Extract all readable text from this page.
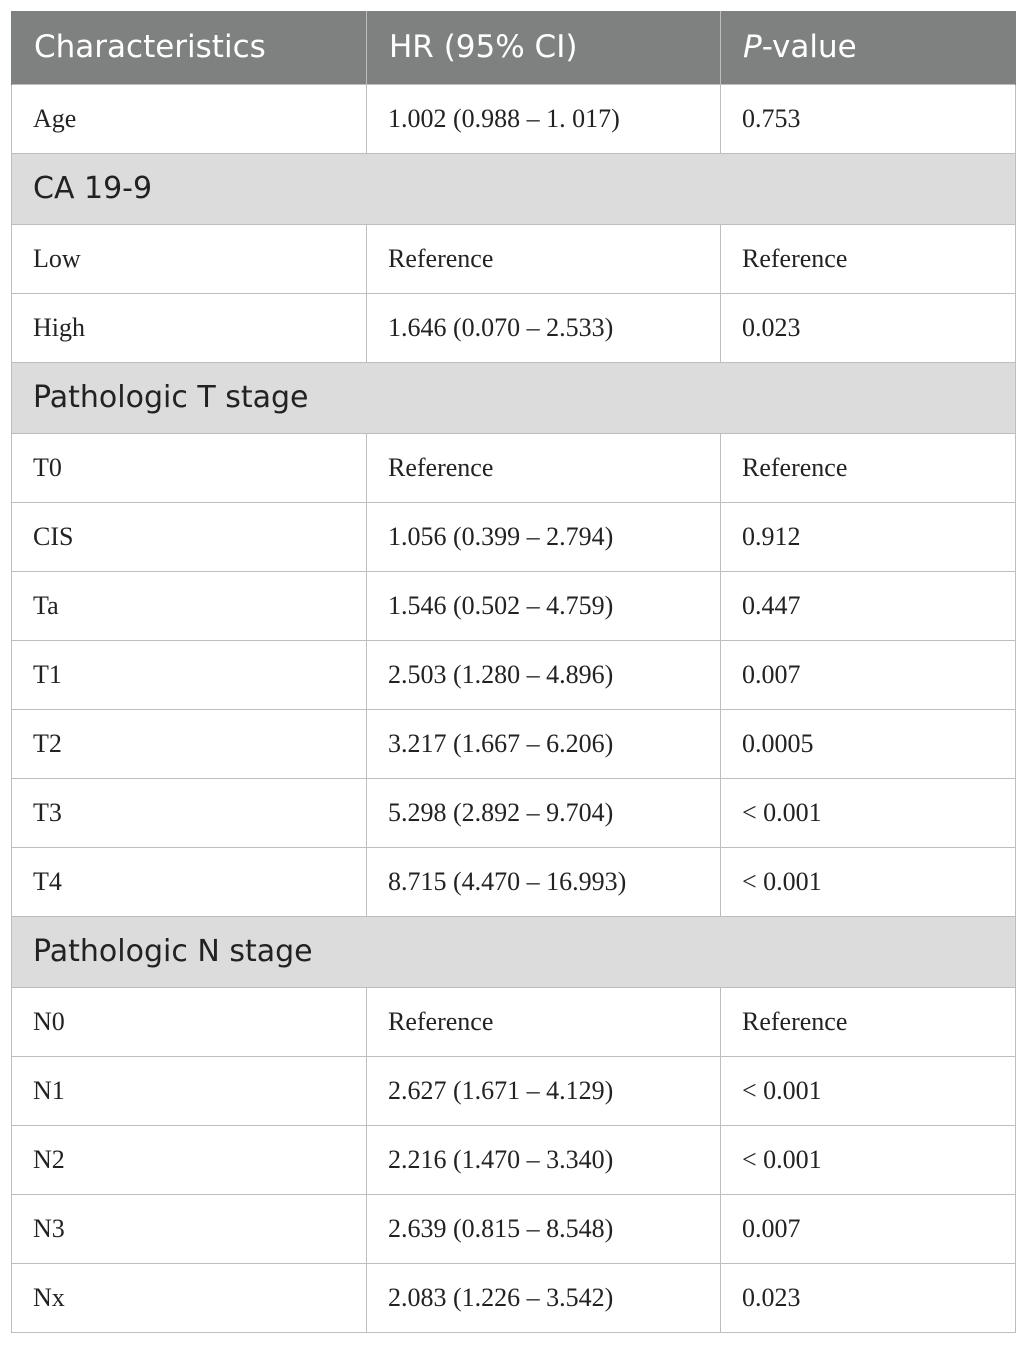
Characteristics	HR (95% CI)	P-value
Age	1.002 (0.988 – 1. 017)	0.753
CA 19-9		
Low	Reference	Reference
High	1.646 (0.070 – 2.533)	0.023
Pathologic T stage		
T0	Reference	Reference
CIS	1.056 (0.399 – 2.794)	0.912
Ta	1.546 (0.502 – 4.759)	0.447
T1	2.503 (1.280 – 4.896)	0.007
T2	3.217 (1.667 – 6.206)	0.0005
T3	5.298 (2.892 – 9.704)	< 0.001
T4	8.715 (4.470 – 16.993)	< 0.001
Pathologic N stage		
N0	Reference	Reference
N1	2.627 (1.671 – 4.129)	< 0.001
N2	2.216 (1.470 – 3.340)	< 0.001
N3	2.639 (0.815 – 8.548)	0.007
Nx	2.083 (1.226 – 3.542)	0.023
